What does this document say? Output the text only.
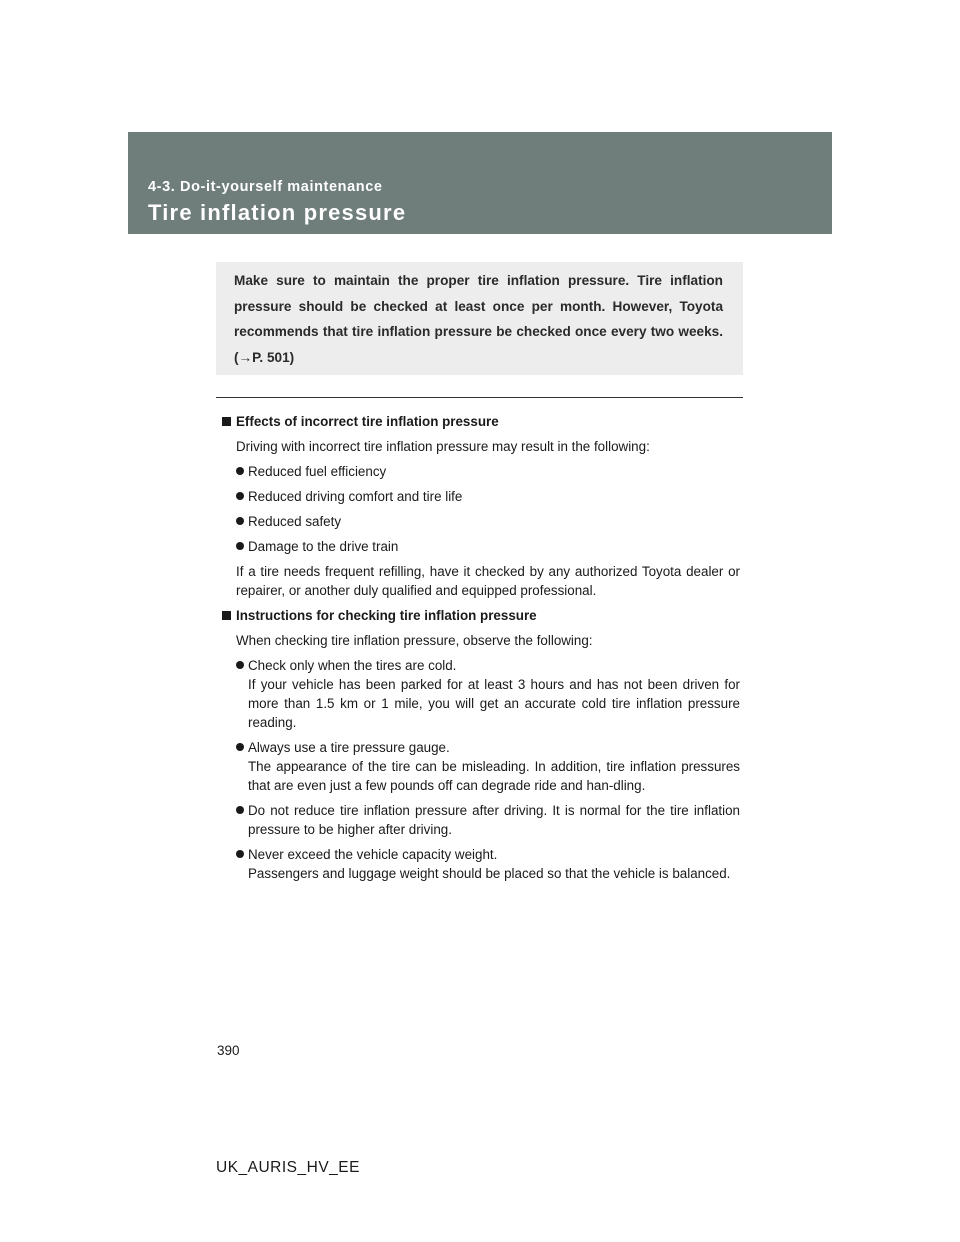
4-3. Do-it-yourself maintenance
Tire inflation pressure

Make sure to maintain the proper tire inflation pressure. Tire inflation pressure should be checked at least once per month. However, Toyota recommends that tire inflation pressure be checked once every two weeks. (→P. 501)

Effects of incorrect tire inflation pressure
Driving with incorrect tire inflation pressure may result in the following:
Reduced fuel efficiency
Reduced driving comfort and tire life
Reduced safety
Damage to the drive train
If a tire needs frequent refilling, have it checked by any authorized Toyota dealer or repairer, or another duly qualified and equipped professional.
Instructions for checking tire inflation pressure
When checking tire inflation pressure, observe the following:
Check only when the tires are cold.
If your vehicle has been parked for at least 3 hours and has not been driven for more than 1.5 km or 1 mile, you will get an accurate cold tire inflation pressure reading.
Always use a tire pressure gauge.
The appearance of the tire can be misleading. In addition, tire inflation pressures that are even just a few pounds off can degrade ride and han-dling.
Do not reduce tire inflation pressure after driving. It is normal for the tire inflation pressure to be higher after driving.
Never exceed the vehicle capacity weight.
Passengers and luggage weight should be placed so that the vehicle is balanced.
390
UK_AURIS_HV_EE
